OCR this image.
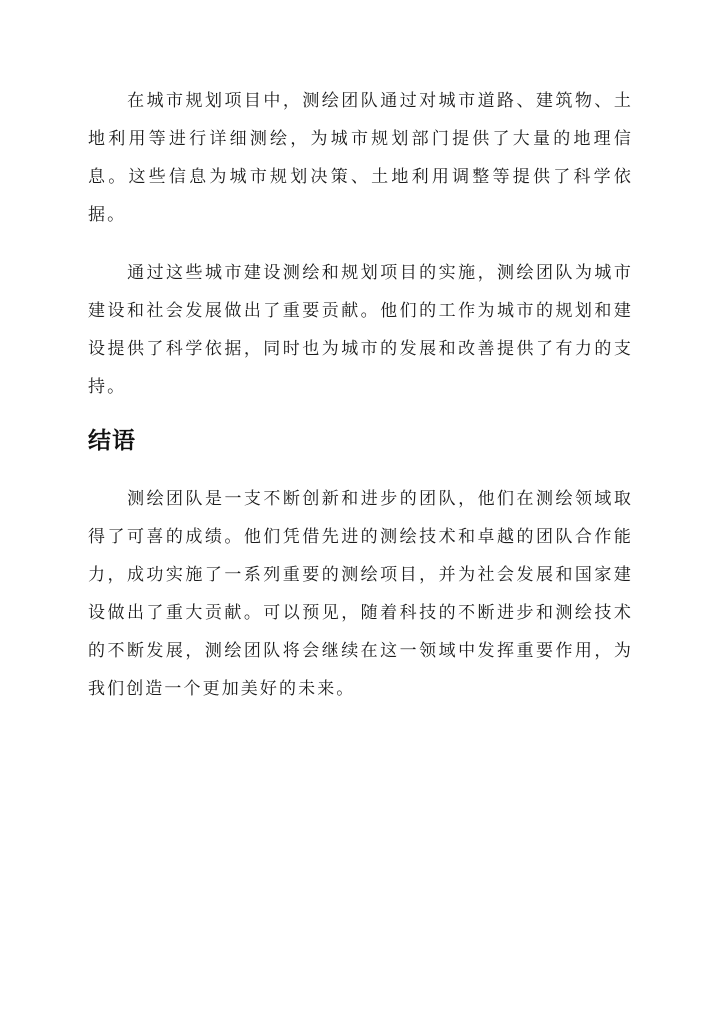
在城市规划项目中，测绘团队通过对城市道路、建筑物、土地利用等进行详细测绘，为城市规划部门提供了大量的地理信息。这些信息为城市规划决策、土地利用调整等提供了科学依据。

通过这些城市建设测绘和规划项目的实施，测绘团队为城市建设和社会发展做出了重要贡献。他们的工作为城市的规划和建设提供了科学依据，同时也为城市的发展和改善提供了有力的支持。

结语

测绘团队是一支不断创新和进步的团队，他们在测绘领域取得了可喜的成绩。他们凭借先进的测绘技术和卓越的团队合作能力，成功实施了一系列重要的测绘项目，并为社会发展和国家建设做出了重大贡献。可以预见，随着科技的不断进步和测绘技术的不断发展，测绘团队将会继续在这一领域中发挥重要作用，为我们创造一个更加美好的未来。
